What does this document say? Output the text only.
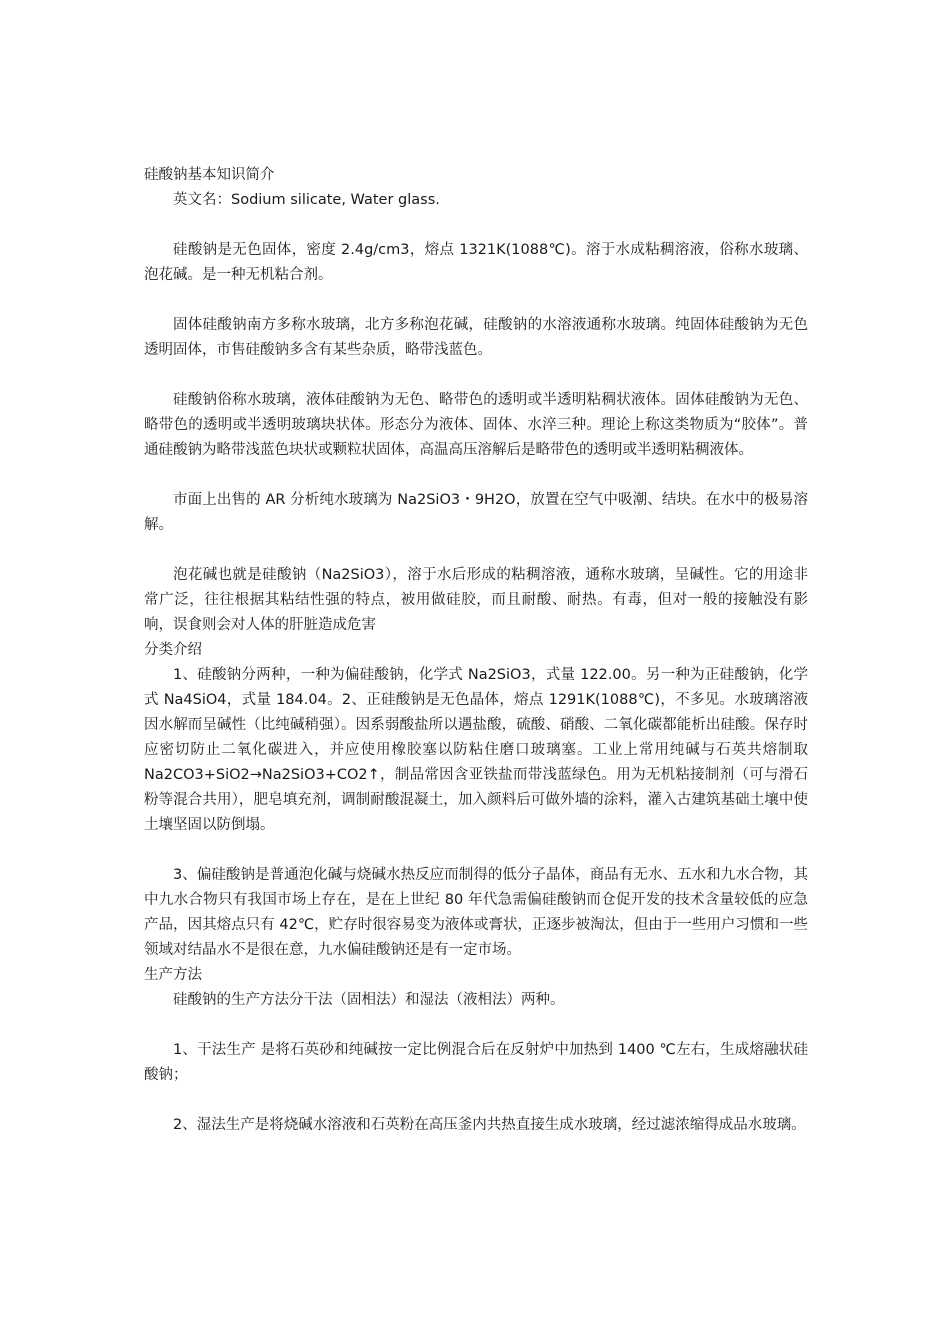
硅酸钠基本知识简介

英文名：Sodium silicate, Water glass.

硅酸钠是无色固体，密度 2.4g/cm3，熔点 1321K(1088℃)。溶于水成粘稠溶液，俗称水玻璃、泡花碱。是一种无机粘合剂。

固体硅酸钠南方多称水玻璃，北方多称泡花碱，硅酸钠的水溶液通称水玻璃。纯固体硅酸钠为无色透明固体，市售硅酸钠多含有某些杂质，略带浅蓝色。

硅酸钠俗称水玻璃，液体硅酸钠为无色、略带色的透明或半透明粘稠状液体。固体硅酸钠为无色、略带色的透明或半透明玻璃块状体。形态分为液体、固体、水淬三种。理论上称这类物质为“胶体”。普通硅酸钠为略带浅蓝色块状或颗粒状固体，高温高压溶解后是略带色的透明或半透明粘稠液体。

市面上出售的 AR 分析纯水玻璃为 Na2SiO3・9H2O，放置在空气中吸潮、结块。在水中的极易溶解。

泡花碱也就是硅酸钠（Na2SiO3），溶于水后形成的粘稠溶液，通称水玻璃，呈碱性。它的用途非常广泛，往往根据其粘结性强的特点，被用做硅胶，而且耐酸、耐热。有毒，但对一般的接触没有影响，误食则会对人体的肝脏造成危害

分类介绍

1、硅酸钠分两种，一种为偏硅酸钠，化学式 Na2SiO3，式量 122.00。另一种为正硅酸钠，化学式 Na4SiO4，式量 184.04。2、正硅酸钠是无色晶体，熔点 1291K(1088℃)，不多见。水玻璃溶液因水解而呈碱性（比纯碱稍强）。因系弱酸盐所以遇盐酸，硫酸、硝酸、二氧化碳都能析出硅酸。保存时应密切防止二氧化碳进入，并应使用橡胶塞以防粘住磨口玻璃塞。工业上常用纯碱与石英共熔制取 Na2CO3+SiO2→Na2SiO3+CO2↑，制品常因含亚铁盐而带浅蓝绿色。用为无机粘接制剂（可与滑石粉等混合共用），肥皂填充剂，调制耐酸混凝土，加入颜料后可做外墙的涂料，灌入古建筑基础土壤中使土壤坚固以防倒塌。

3、偏硅酸钠是普通泡化碱与烧碱水热反应而制得的低分子晶体，商品有无水、五水和九水合物，其中九水合物只有我国市场上存在，是在上世纪 80 年代急需偏硅酸钠而仓促开发的技术含量较低的应急产品，因其熔点只有 42℃，贮存时很容易变为液体或膏状，正逐步被淘汰，但由于一些用户习惯和一些领域对结晶水不是很在意，九水偏硅酸钠还是有一定市场。

生产方法

硅酸钠的生产方法分干法（固相法）和湿法（液相法）两种。

1、干法生产 是将石英砂和纯碱按一定比例混合后在反射炉中加热到 1400 ℃左右，生成熔融状硅酸钠；

2、湿法生产是将烧碱水溶液和石英粉在高压釜内共热直接生成水玻璃，经过滤浓缩得成品水玻璃。
